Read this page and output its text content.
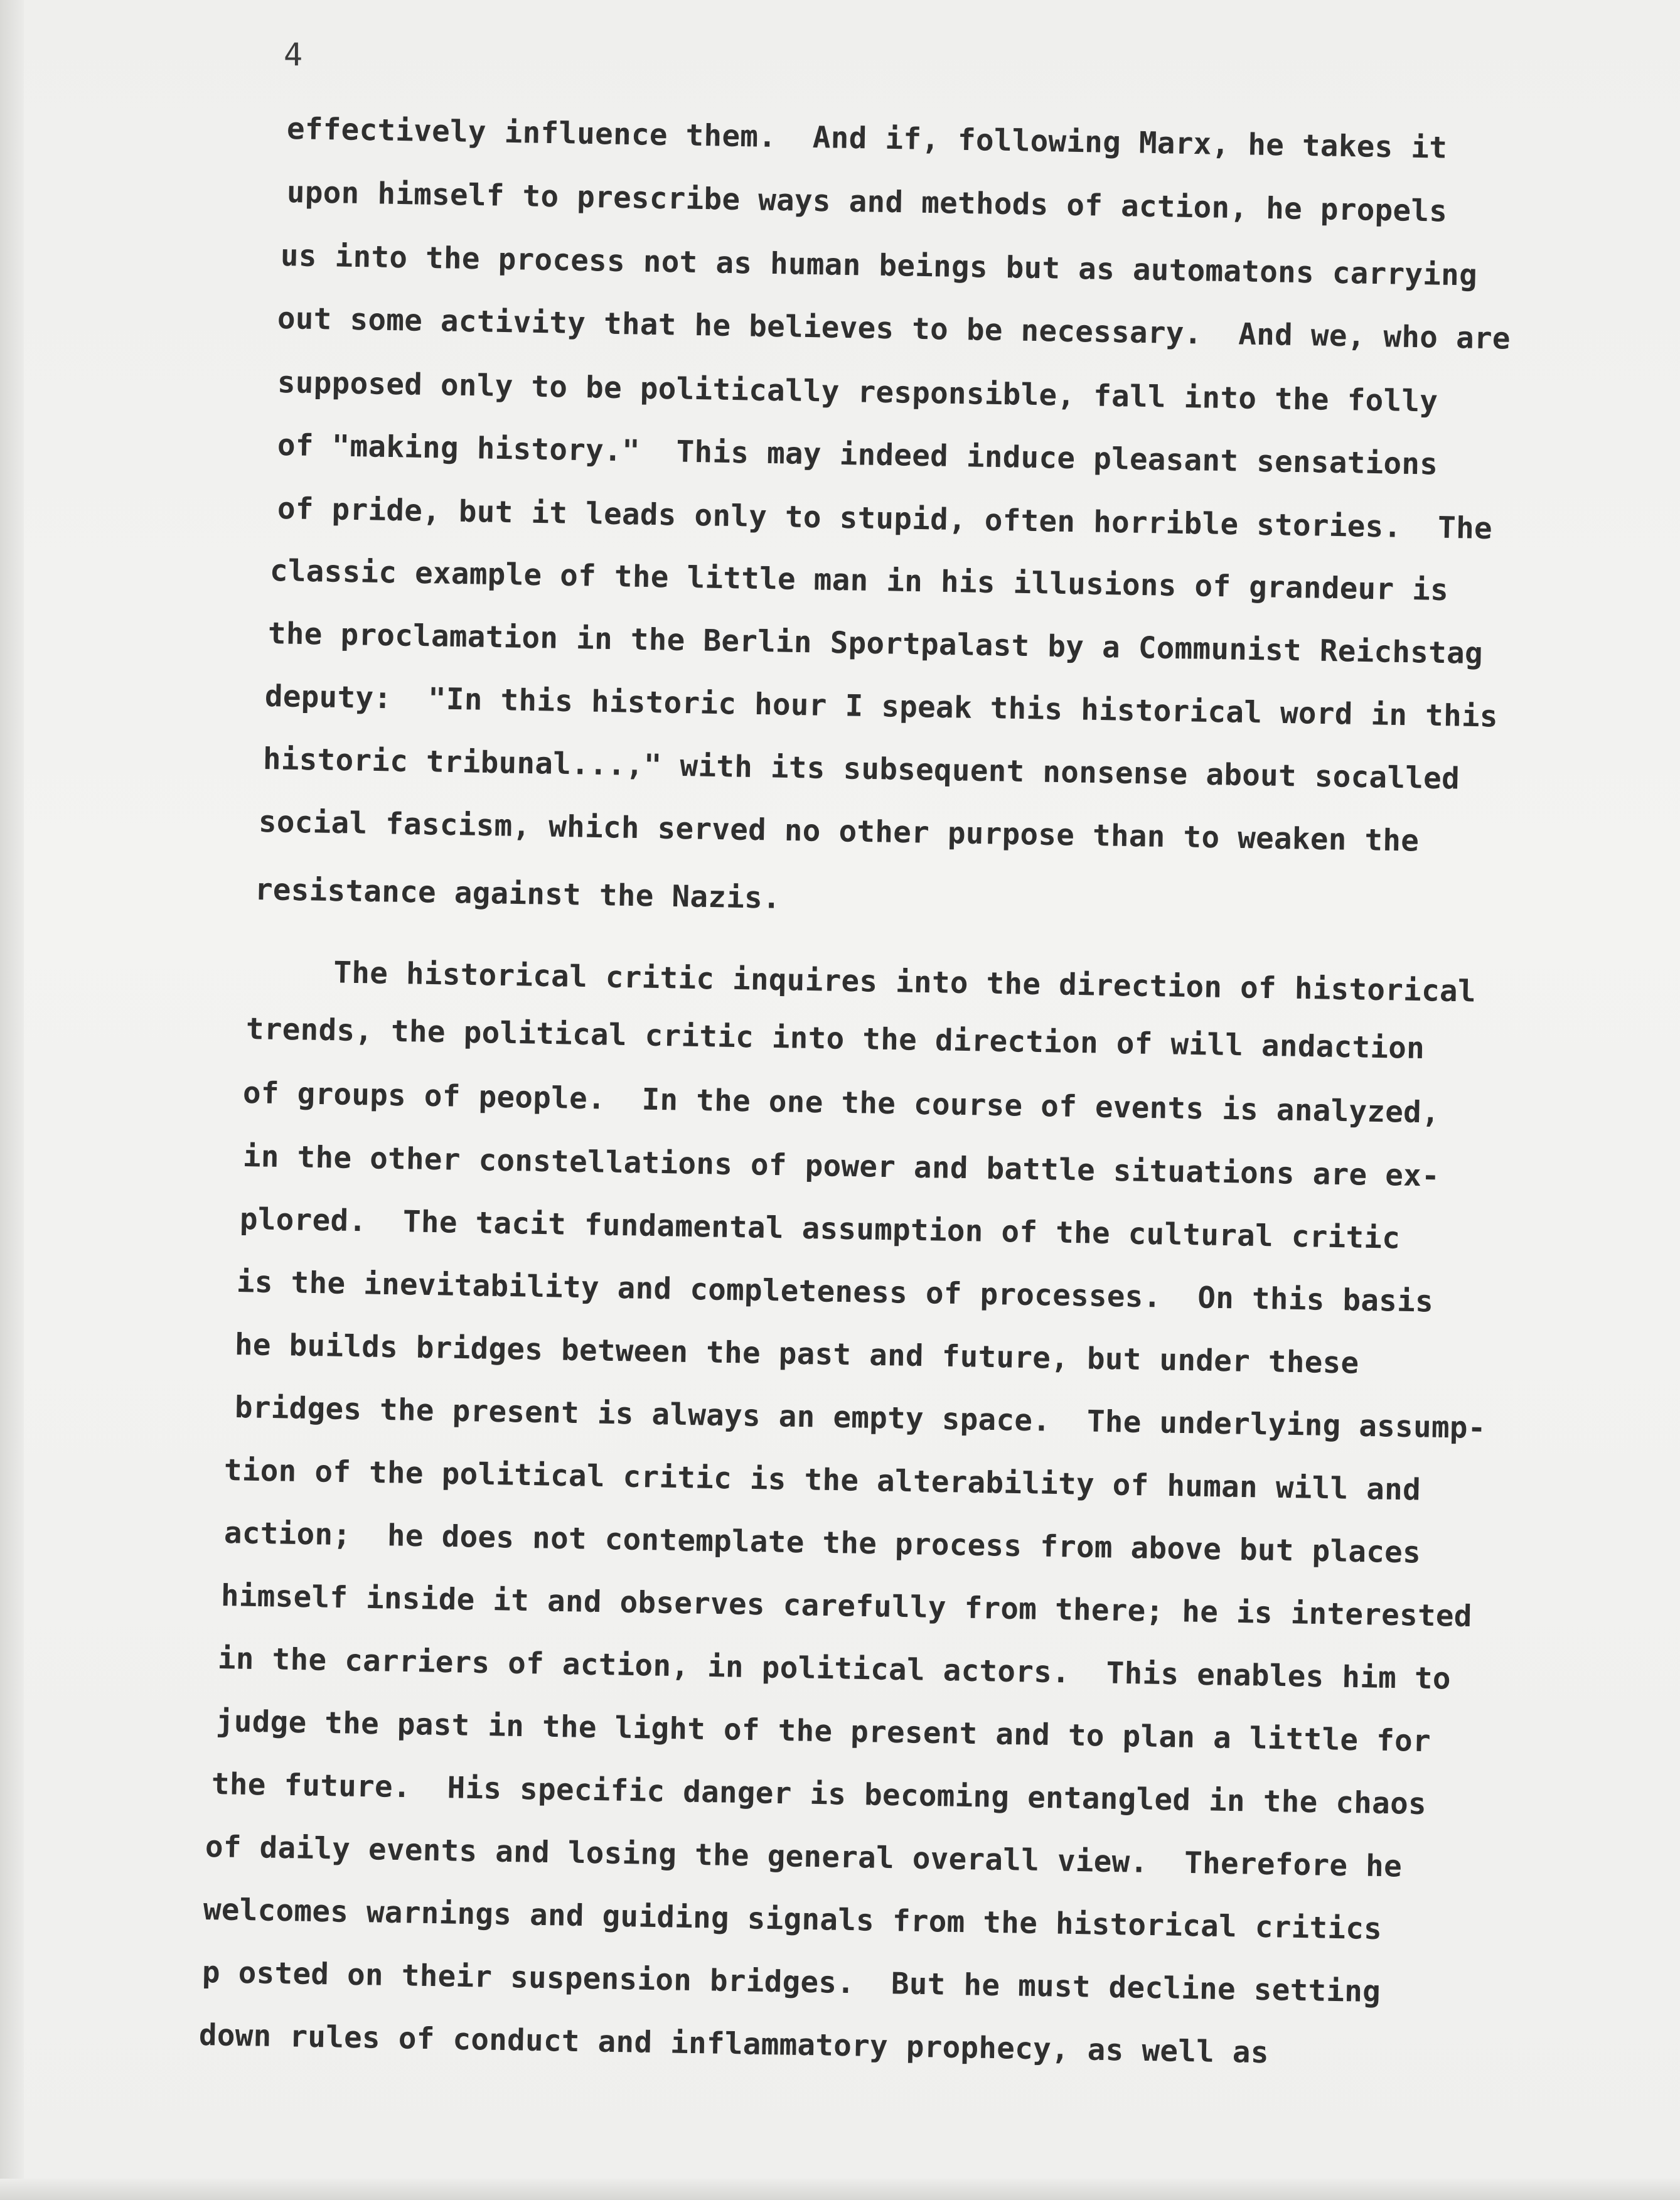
4
effectively influence them.  And if, following Marx, he takes it
upon himself to prescribe ways and methods of action, he propels
us into the process not as human beings but as automatons carrying
out some activity that he believes to be necessary.  And we, who are
supposed only to be politically responsible, fall into the folly
of "making history."  This may indeed induce pleasant sensations
of pride, but it leads only to stupid, often horrible stories.  The
classic example of the little man in his illusions of grandeur is
the proclamation in the Berlin Sportpalast by a Communist Reichstag
deputy:  "In this historic hour I speak this historical word in this
historic tribunal...," with its subsequent nonsense about socalled
social fascism, which served no other purpose than to weaken the
resistance against the Nazis.
The historical critic inquires into the direction of historical
trends, the political critic into the direction of will andaction
of groups of people.  In the one the course of events is analyzed,
in the other constellations of power and battle situations are ex-
plored.  The tacit fundamental assumption of the cultural critic
is the inevitability and completeness of processes.  On this basis
he builds bridges between the past and future, but under these
bridges the present is always an empty space.  The underlying assump-
tion of the political critic is the alterability of human will and
action;  he does not contemplate the process from above but places
himself inside it and observes carefully from there; he is interested
in the carriers of action, in political actors.  This enables him to
judge the past in the light of the present and to plan a little for
the future.  His specific danger is becoming entangled in the chaos
of daily events and losing the general overall view.  Therefore he
welcomes warnings and guiding signals from the historical critics
p osted on their suspension bridges.  But he must decline setting
down rules of conduct and inflammatory prophecy, as well as
